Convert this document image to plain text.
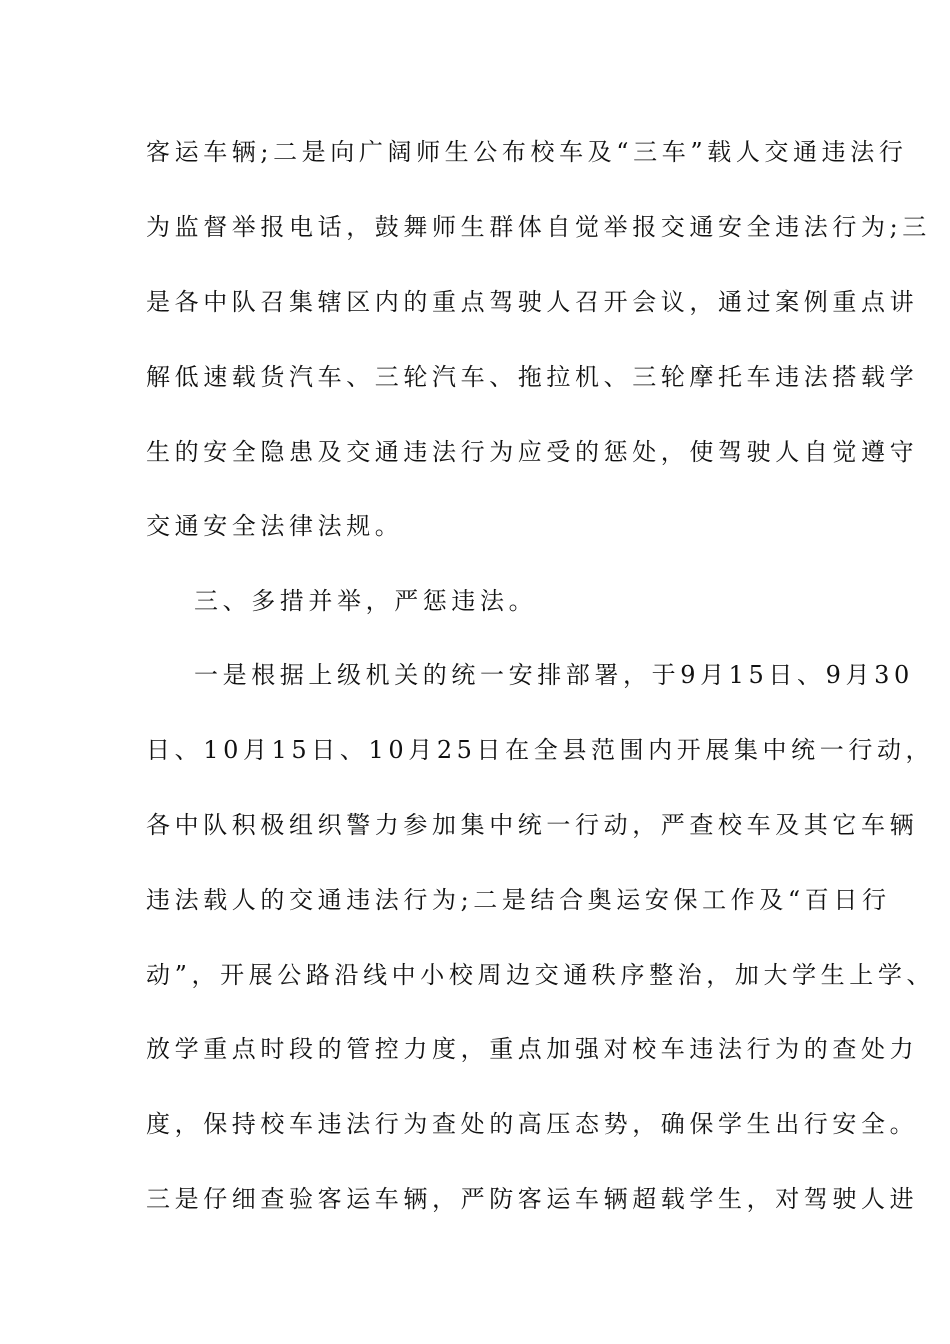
客运车辆;二是向广阔师生公布校车及“三车”载人交通违法行
为监督举报电话，鼓舞师生群体自觉举报交通安全违法行为;三
是各中队召集辖区内的重点驾驶人召开会议，通过案例重点讲
解低速载货汽车、三轮汽车、拖拉机、三轮摩托车违法搭载学
生的安全隐患及交通违法行为应受的惩处，使驾驶人自觉遵守
交通安全法律法规。
三、多措并举，严惩违法。
一是根据上级机关的统一安排部署，于9月15日、9月30
日、10月15日、10月25日在全县范围内开展集中统一行动，
各中队积极组织警力参加集中统一行动，严查校车及其它车辆
违法载人的交通违法行为;二是结合奥运安保工作及“百日行
动”，开展公路沿线中小校周边交通秩序整治，加大学生上学、
放学重点时段的管控力度，重点加强对校车违法行为的查处力
度，保持校车违法行为查处的高压态势，确保学生出行安全。
三是仔细查验客运车辆，严防客运车辆超载学生，对驾驶人进
